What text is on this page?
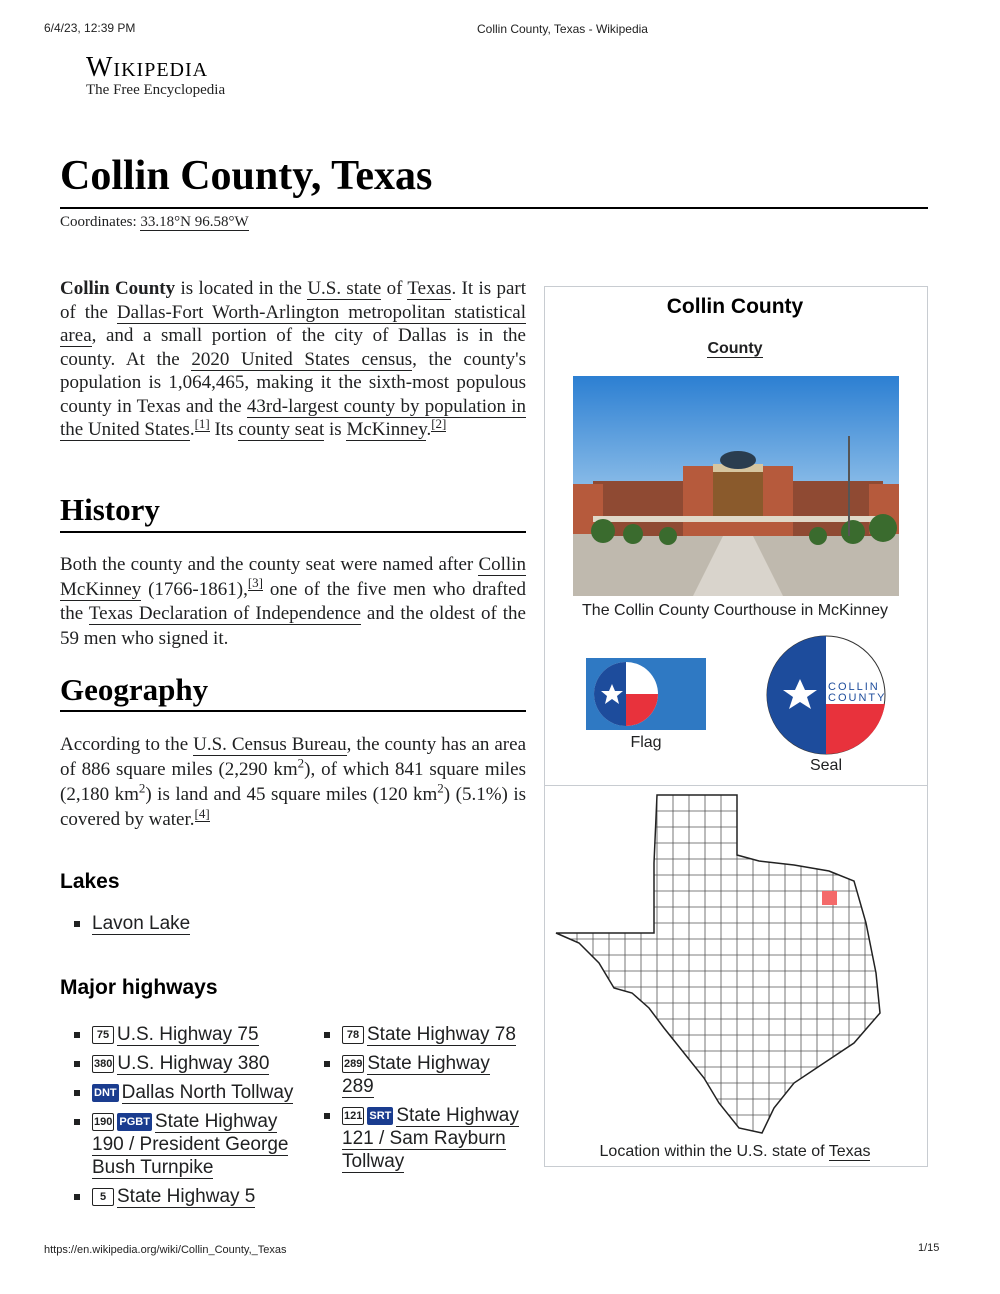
6/4/23, 12:39 PM	Collin County, Texas - Wikipedia
Wikipedia
The Free Encyclopedia
Collin County, Texas
Coordinates: 33.18°N 96.58°W

Collin County is located in the U.S. state of Texas. It is part of the Dallas-Fort Worth-Arlington metropolitan statistical area, and a small portion of the city of Dallas is in the county. At the 2020 United States census, the county's population is 1,064,465, making it the sixth-most populous county in Texas and the 43rd-largest county by population in the United States.[1] Its county seat is McKinney.[2]

History

Both the county and the county seat were named after Collin McKinney (1766-1861),[3] one of the five men who drafted the Texas Declaration of Independence and the oldest of the 59 men who signed it.

Geography

According to the U.S. Census Bureau, the county has an area of 886 square miles (2,290 $km^2$), of which 841 square miles (2,180 $km^2$) is land and 45 square miles (120 $km^2$) (5.1%) is covered by water.[4]

Lakes
Lavon Lake
Major highways
75 U.S. Highway 75
380 U.S. Highway 380
DNT Dallas North Tollway
190 PGBT State Highway 190 / President George Bush Turnpike
5 State Highway 5
78 State Highway 78
289 State Highway 289
121 SRT State Highway 121 / Sam Rayburn Tollway
Collin County
County
The Collin County Courthouse in McKinney
Flag
COLLIN
COUNTY
Seal
Location within the U.S. state of Texas
https://en.wikipedia.org/wiki/Collin_County,_Texas	1/15
